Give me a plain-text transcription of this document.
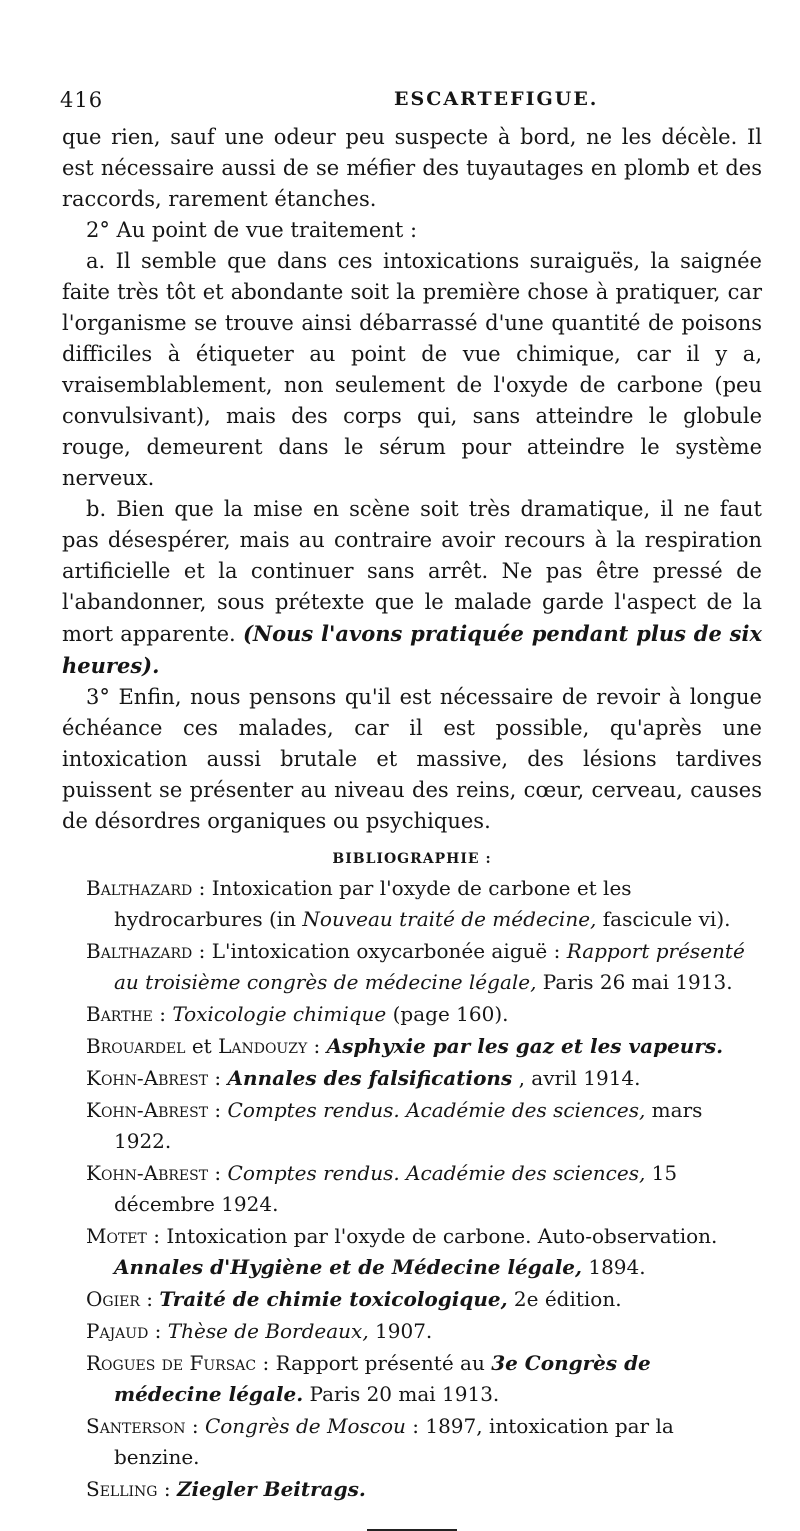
416	ESCARTEFIGUE.

que rien, sauf une odeur peu suspecte à bord, ne les décèle. Il est nécessaire aussi de se méfier des tuyautages en plomb et des raccords, rarement étanches.

2° Au point de vue traitement :

a. Il semble que dans ces intoxications suraiguës, la saignée faite très tôt et abondante soit la première chose à pratiquer, car l'organisme se trouve ainsi débarrassé d'une quantité de poisons difficiles à étiqueter au point de vue chimique, car il y a, vraisemblablement, non seulement de l'oxyde de carbone (peu convulsivant), mais des corps qui, sans atteindre le globule rouge, demeurent dans le sérum pour atteindre le système nerveux.

b. Bien que la mise en scène soit très dramatique, il ne faut pas désespérer, mais au contraire avoir recours à la respiration artificielle et la continuer sans arrêt. Ne pas être pressé de l'abandonner, sous prétexte que le malade garde l'aspect de la mort apparente. (Nous l'avons pratiquée pendant plus de six heures).

3° Enfin, nous pensons qu'il est nécessaire de revoir à longue échéance ces malades, car il est possible, qu'après une intoxication aussi brutale et massive, des lésions tardives puissent se présenter au niveau des reins, cœur, cerveau, causes de désordres organiques ou psychiques.

BIBLIOGRAPHIE :

Balthazard : Intoxication par l'oxyde de carbone et les hydrocarbures (in Nouveau traité de médecine, fascicule vi).

Balthazard : L'intoxication oxycarbonée aiguë : Rapport présenté au troisième congrès de médecine légale, Paris 26 mai 1913.

Barthe : Toxicologie chimique (page 160).

Brouardel et Landouzy : Asphyxie par les gaz et les vapeurs.

Kohn-Abrest : Annales des falsifications , avril 1914.

Kohn-Abrest : Comptes rendus. Académie des sciences, mars 1922.

Kohn-Abrest : Comptes rendus. Académie des sciences, 15 décembre 1924.

Motet : Intoxication par l'oxyde de carbone. Auto-observation. Annales d'Hygiène et de Médecine légale, 1894.

Ogier : Traité de chimie toxicologique, 2e édition.

Pajaud : Thèse de Bordeaux, 1907.

Rogues de Fursac : Rapport présenté au 3e Congrès de médecine légale. Paris 20 mai 1913.

Santerson : Congrès de Moscou : 1897, intoxication par la benzine.

Selling : Ziegler Beitrags.
